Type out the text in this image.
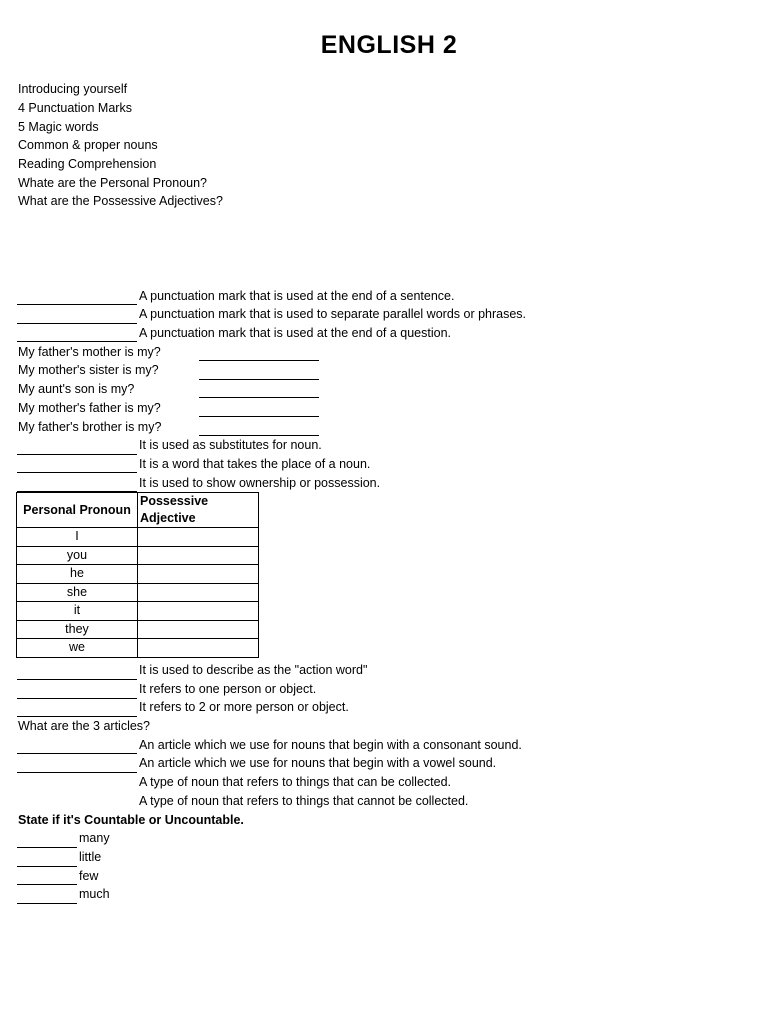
ENGLISH 2
Introducing yourself
4 Punctuation Marks
5 Magic words
Common & proper nouns
Reading Comprehension
Whate are the Personal Pronoun?
What are the Possessive Adjectives?
A punctuation mark that is used at the end of a sentence.
A punctuation mark that is used to separate parallel words or phrases.
A punctuation mark that is used at the end of a question.
My father's mother is my?
My mother's sister is my?
My aunt's son is my?
My mother's father is my?
My father's brother is my?
It is used as substitutes for noun.
It is a word that takes the place of a noun.
It is used to show ownership or possession.
Personal Pronoun	Possessive Adjective
I	
you	
he	
she	
it	
they	
we	
It is used to describe as the "action word"
It refers to one person or object.
It refers to 2 or more person or object.
What are the 3 articles?
An article which we use for nouns that begin with a consonant sound.
An article which we use for nouns that begin with a vowel sound.
A type of noun that refers to things that can be collected.
A type of noun that refers to things that cannot be collected.
State if it's Countable or Uncountable.
many
little
few
much
